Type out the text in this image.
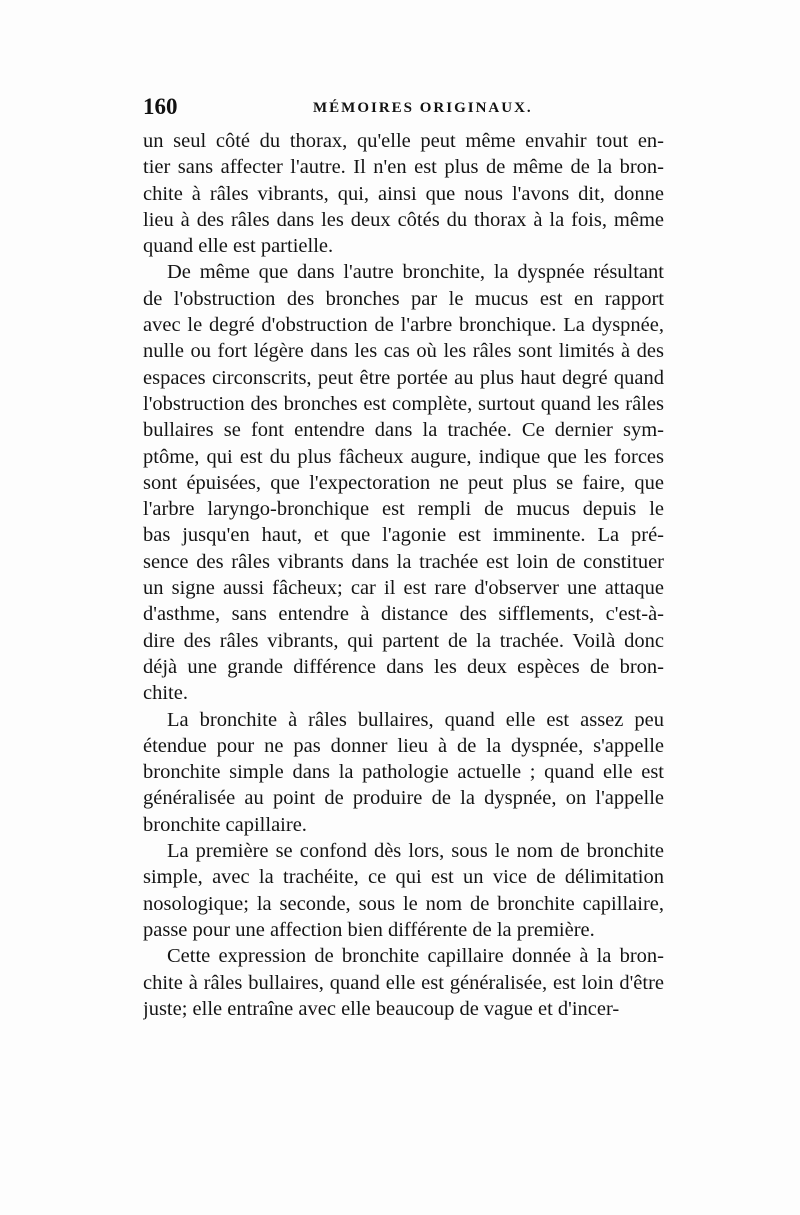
160	MÉMOIRES ORIGINAUX.
un seul côté du thorax, qu'elle peut même envahir tout en-
tier sans affecter l'autre. Il n'en est plus de même de la bron-
chite à râles vibrants, qui, ainsi que nous l'avons dit, donne
lieu à des râles dans les deux côtés du thorax à la fois, même
quand elle est partielle.
De même que dans l'autre bronchite, la dyspnée résultant
de l'obstruction des bronches par le mucus est en rapport
avec le degré d'obstruction de l'arbre bronchique. La dyspnée,
nulle ou fort légère dans les cas où les râles sont limités à des
espaces circonscrits, peut être portée au plus haut degré quand
l'obstruction des bronches est complète, surtout quand les râles
bullaires se font entendre dans la trachée. Ce dernier sym-
ptôme, qui est du plus fâcheux augure, indique que les forces
sont épuisées, que l'expectoration ne peut plus se faire, que
l'arbre laryngo-bronchique est rempli de mucus depuis le
bas jusqu'en haut, et que l'agonie est imminente. La pré-
sence des râles vibrants dans la trachée est loin de constituer
un signe aussi fâcheux; car il est rare d'observer une attaque
d'asthme, sans entendre à distance des sifflements, c'est-à-
dire des râles vibrants, qui partent de la trachée. Voilà donc
déjà une grande différence dans les deux espèces de bron-
chite.
La bronchite à râles bullaires, quand elle est assez peu
étendue pour ne pas donner lieu à de la dyspnée, s'appelle
bronchite simple dans la pathologie actuelle ; quand elle est
généralisée au point de produire de la dyspnée, on l'appelle
bronchite capillaire.
La première se confond dès lors, sous le nom de bronchite
simple, avec la trachéite, ce qui est un vice de délimitation
nosologique; la seconde, sous le nom de bronchite capillaire,
passe pour une affection bien différente de la première.
Cette expression de bronchite capillaire donnée à la bron-
chite à râles bullaires, quand elle est généralisée, est loin d'être
juste; elle entraîne avec elle beaucoup de vague et d'incer-
